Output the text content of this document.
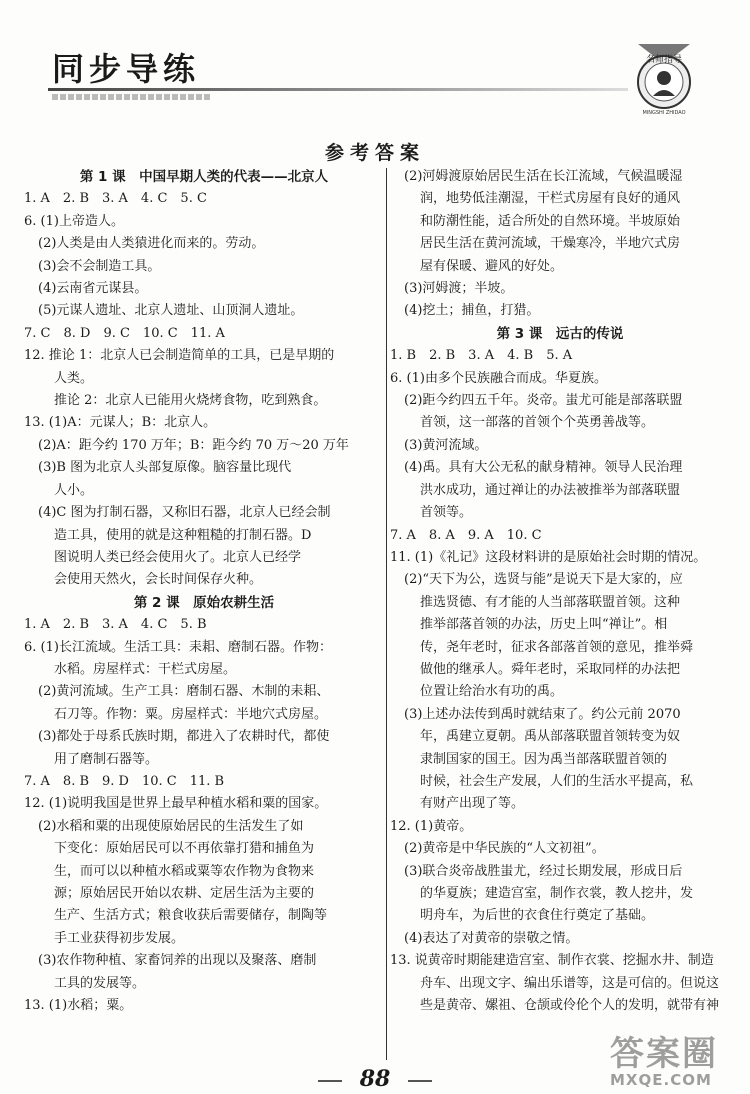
同步导练	名师指导
MINGSHI ZHIDAO
参考答案
第 1 课　中国早期人类的代表——北京人
1. A　2. B　3. A　4. C　5. C
6. (1)上帝造人。
(2)人类是由人类猿进化而来的。劳动。
(3)会不会制造工具。
(4)云南省元谋县。
(5)元谋人遗址、北京人遗址、山顶洞人遗址。
7. C　8. D　9. C　10. C　11. A
12. 推论 1：北京人已会制造简单的工具，已是早期的
人类。
推论 2：北京人已能用火烧烤食物，吃到熟食。
13. (1)A：元谋人；B：北京人。
(2)A：距今约 170 万年；B：距今约 70 万～20 万年
(3)B 图为北京人头部复原像。脑容量比现代
人小。
(4)C 图为打制石器，又称旧石器，北京人已经会制
造工具，使用的就是这种粗糙的打制石器。D
图说明人类已经会使用火了。北京人已经学
会使用天然火，会长时间保存火种。
第 2 课　原始农耕生活
1. A　2. B　3. A　4. C　5. B
6. (1)长江流域。生活工具：耒耜、磨制石器。作物：
水稻。房屋样式：干栏式房屋。
(2)黄河流域。生产工具：磨制石器、木制的耒耜、
石刀等。作物：粟。房屋样式：半地穴式房屋。
(3)都处于母系氏族时期，都进入了农耕时代，都使
用了磨制石器等。
7. A　8. B　9. D　10. C　11. B
12. (1)说明我国是世界上最早种植水稻和粟的国家。
(2)水稻和粟的出现使原始居民的生活发生了如
下变化：原始居民可以不再依靠打猎和捕鱼为
生，而可以以种植水稻或粟等农作物为食物来
源；原始居民开始以农耕、定居生活为主要的
生产、生活方式；粮食收获后需要储存，制陶等
手工业获得初步发展。
(3)农作物种植、家畜饲养的出现以及聚落、磨制
工具的发展等。
13. (1)水稻；粟。
(2)河姆渡原始居民生活在长江流域，气候温暖湿
润，地势低洼潮湿，干栏式房屋有良好的通风
和防潮性能，适合所处的自然环境。半坡原始
居民生活在黄河流域，干燥寒冷，半地穴式房
屋有保暖、避风的好处。
(3)河姆渡；半坡。
(4)挖土；捕鱼，打猎。
第 3 课　远古的传说
1. B　2. B　3. A　4. B　5. A
6. (1)由多个民族融合而成。华夏族。
(2)距今约四五千年。炎帝。蚩尤可能是部落联盟
首领，这一部落的首领个个英勇善战等。
(3)黄河流域。
(4)禹。具有大公无私的献身精神。领导人民治理
洪水成功，通过禅让的办法被推举为部落联盟
首领等。
7. A　8. A　9. A　10. C
11. (1)《礼记》这段材料讲的是原始社会时期的情况。
(2)“天下为公，选贤与能”是说天下是大家的，应
推选贤德、有才能的人当部落联盟首领。这种
推举部落首领的办法，历史上叫“禅让”。相
传，尧年老时，征求各部落首领的意见，推举舜
做他的继承人。舜年老时，采取同样的办法把
位置让给治水有功的禹。
(3)上述办法传到禹时就结束了。约公元前 2070
年，禹建立夏朝。禹从部落联盟首领转变为奴
隶制国家的国王。因为禹当部落联盟首领的
时候，社会生产发展，人们的生活水平提高，私
有财产出现了等。
12. (1)黄帝。
(2)黄帝是中华民族的“人文初祖”。
(3)联合炎帝战胜蚩尤，经过长期发展，形成日后
的华夏族；建造宫室，制作衣裳，教人挖井，发
明舟车，为后世的衣食住行奠定了基础。
(4)表达了对黄帝的崇敬之情。
13. 说黄帝时期能建造宫室、制作衣裳、挖掘水井、制造
舟车、出现文字、编出乐谱等，这是可信的。但说这
些是黄帝、嫘祖、仓颉或伶伦个人的发明，就带有神
88
答案圈
MXQE.COM
